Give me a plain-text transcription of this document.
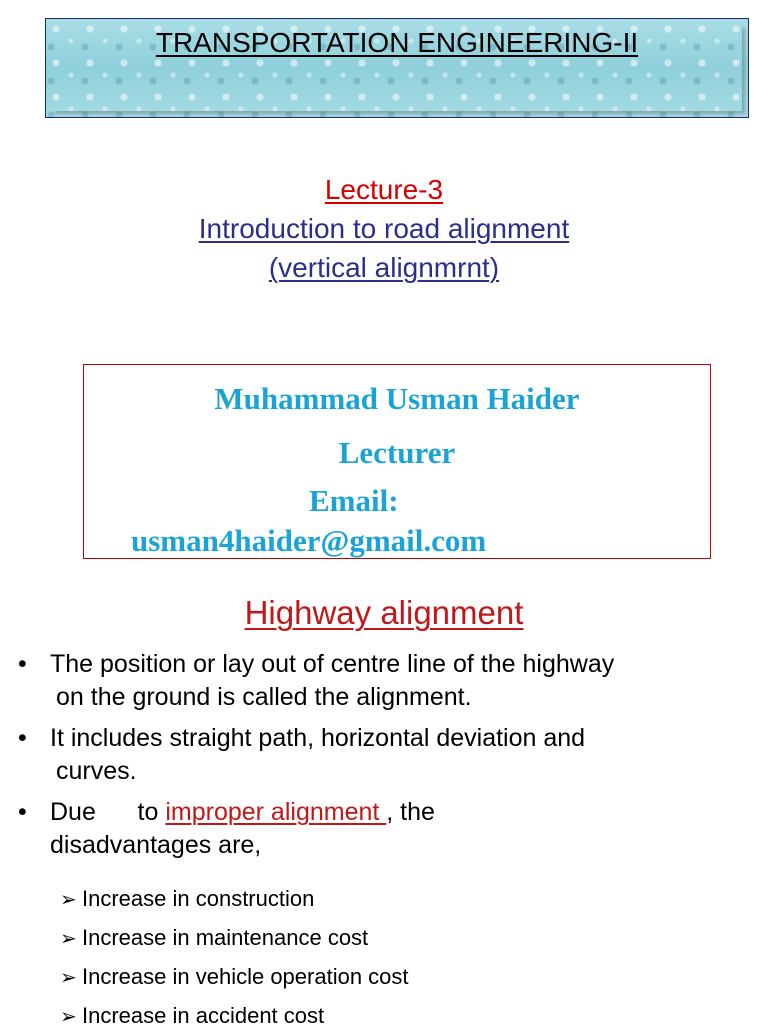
TRANSPORTATION ENGINEERING-II
Lecture-3
Introduction to road alignment
(vertical alignmrnt)
Muhammad Usman Haider
Lecturer
Email:
usman4haider@gmail.com
Highway alignment
• The position or lay out of centre line of the highway
on the ground is called the alignment.
• It includes straight path, horizontal deviation and
curves.
• Due      to improper alignment , the
disadvantages are,
➢ Increase in construction
➢ Increase in maintenance cost
➢ Increase in vehicle operation cost
➢ Increase in accident cost
